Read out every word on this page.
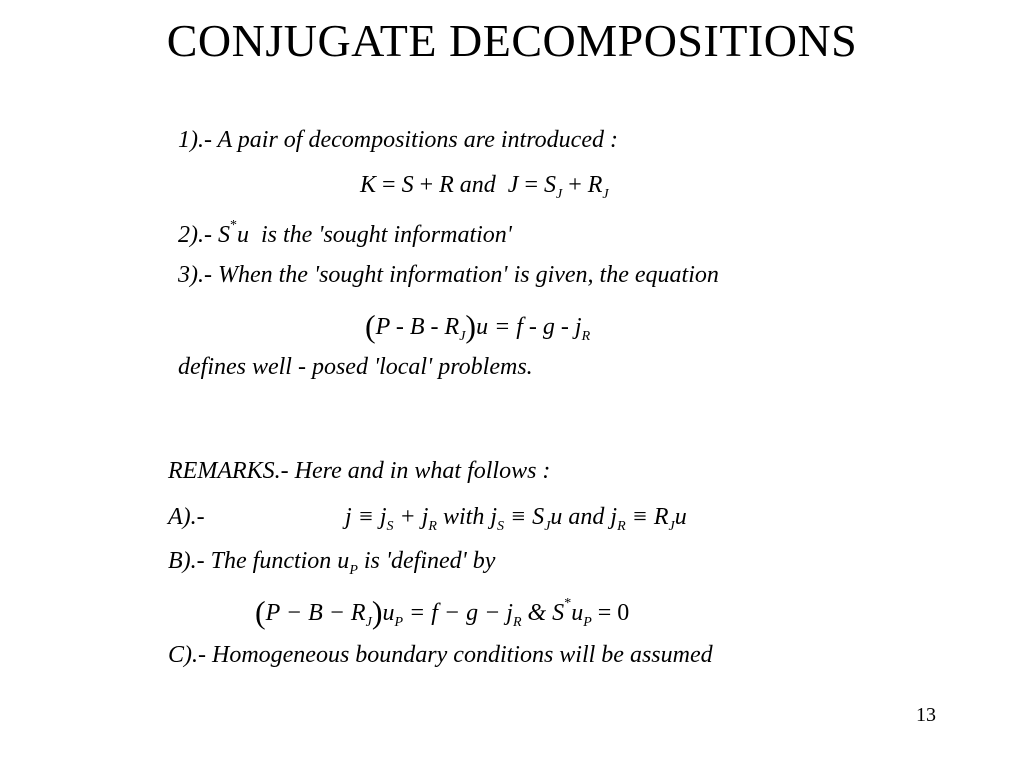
CONJUGATE DECOMPOSITIONS
1).- A pair of decompositions are introduced :
K = S + R and $J = S_J + R_J$
2).- S*u is the 'sought information'
3).- When the 'sought information' is given, the equation
$(P - B - R_J)u = f - g - j_R$
defines well - posed 'local' problems.
REMARKS.- Here and in what follows :
A).-	$j \equiv j_S + j_R$ with $j_S \equiv S_Ju$ and $j_R \equiv R_Ju$
B).- The function $u_P$ is 'defined' by
$(P - B - R_J)u_P = f - g - j_R$ & $S^*u_P = 0$
C).- Homogeneous boundary conditions will be assumed
13
